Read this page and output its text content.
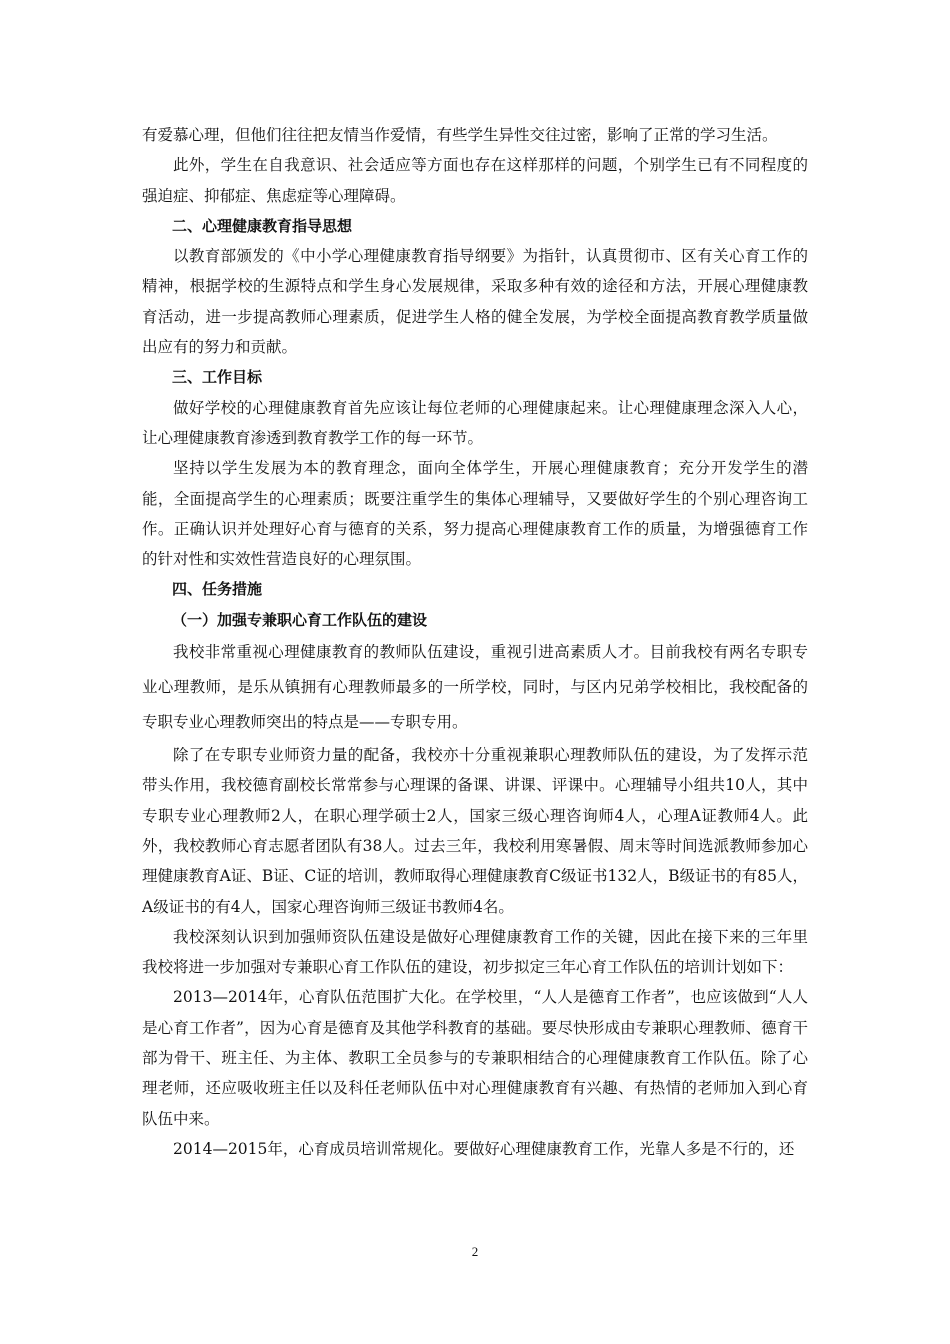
有爱慕心理，但他们往往把友情当作爱情，有些学生异性交往过密，影响了正常的学习生活。

此外，学生在自我意识、社会适应等方面也存在这样那样的问题，个别学生已有不同程度的强迫症、抑郁症、焦虑症等心理障碍。

二、心理健康教育指导思想

以教育部颁发的《中小学心理健康教育指导纲要》为指针，认真贯彻市、区有关心育工作的精神，根据学校的生源特点和学生身心发展规律，采取多种有效的途径和方法，开展心理健康教育活动，进一步提高教师心理素质，促进学生人格的健全发展，为学校全面提高教育教学质量做出应有的努力和贡献。

三、工作目标

做好学校的心理健康教育首先应该让每位老师的心理健康起来。让心理健康理念深入人心，让心理健康教育渗透到教育教学工作的每一环节。

坚持以学生发展为本的教育理念，面向全体学生，开展心理健康教育；充分开发学生的潜能，全面提高学生的心理素质；既要注重学生的集体心理辅导，又要做好学生的个别心理咨询工作。正确认识并处理好心育与德育的关系，努力提高心理健康教育工作的质量，为增强德育工作的针对性和实效性营造良好的心理氛围。

四、任务措施

（一）加强专兼职心育工作队伍的建设

我校非常重视心理健康教育的教师队伍建设，重视引进高素质人才。目前我校有两名专职专业心理教师，是乐从镇拥有心理教师最多的一所学校，同时，与区内兄弟学校相比，我校配备的专职专业心理教师突出的特点是——专职专用。

除了在专职专业师资力量的配备，我校亦十分重视兼职心理教师队伍的建设，为了发挥示范带头作用，我校德育副校长常常参与心理课的备课、讲课、评课中。心理辅导小组共10人，其中专职专业心理教师2人，在职心理学硕士2人，国家三级心理咨询师4人，心理A证教师4人。此外，我校教师心育志愿者团队有38人。过去三年，我校利用寒暑假、周末等时间选派教师参加心理健康教育A证、B证、C证的培训，教师取得心理健康教育C级证书132人，B级证书的有85人，A级证书的有4人，国家心理咨询师三级证书教师4名。

我校深刻认识到加强师资队伍建设是做好心理健康教育工作的关键，因此在接下来的三年里我校将进一步加强对专兼职心育工作队伍的建设，初步拟定三年心育工作队伍的培训计划如下：

2013—2014年，心育队伍范围扩大化。在学校里，“人人是德育工作者”，也应该做到“人人是心育工作者”，因为心育是德育及其他学科教育的基础。要尽快形成由专兼职心理教师、德育干部为骨干、班主任、为主体、教职工全员参与的专兼职相结合的心理健康教育工作队伍。除了心理老师，还应吸收班主任以及科任老师队伍中对心理健康教育有兴趣、有热情的老师加入到心育队伍中来。

2014—2015年，心育成员培训常规化。要做好心理健康教育工作，光靠人多是不行的，还

2
